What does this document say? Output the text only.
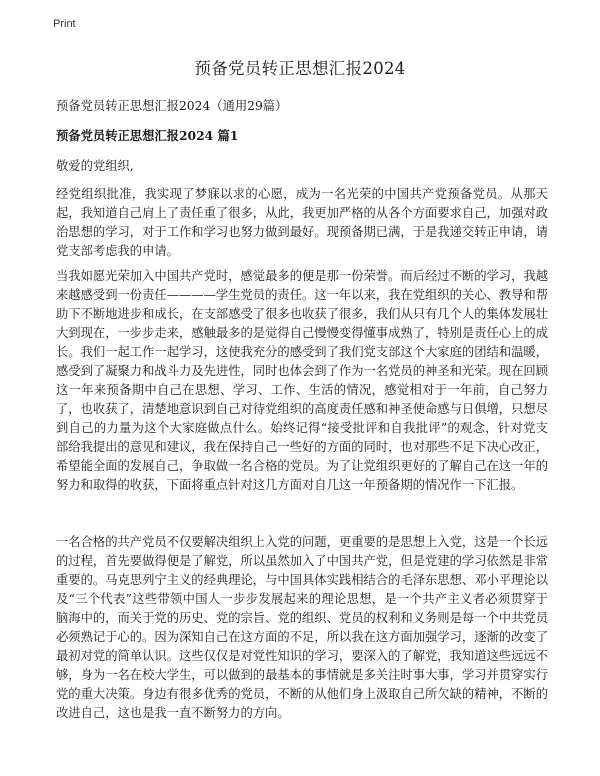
Print
预备党员转正思想汇报2024
预备党员转正思想汇报2024（通用29篇）
预备党员转正思想汇报2024 篇1
敬爱的党组织,

经党组织批准，我实现了梦寐以求的心愿，成为一名光荣的中国共产党预备党员。从那天起，我知道自己肩上了责任重了很多，从此，我更加严格的从各个方面要求自己，加强对政治思想的学习，对于工作和学习也努力做到最好。现预备期已满，于是我递交转正申请，请党支部考虑我的申请。

当我如愿光荣加入中国共产党时，感觉最多的便是那一份荣誉。而后经过不断的学习，我越来越感受到一份责任————学生党员的责任。这一年以来，我在党组织的关心、教导和帮助下不断地进步和成长，在支部感受了很多也收获了很多，我们从只有几个人的集体发展壮大到现在，一步步走来，感触最多的是觉得自己慢慢变得懂事成熟了，特别是责任心上的成长。我们一起工作一起学习，这使我充分的感受到了我们党支部这个大家庭的团结和温暖，感受到了凝聚力和战斗力及先进性，同时也体会到了作为一名党员的神圣和光荣。现在回顾这一年来预备期中自己在思想、学习、工作、生活的情况，感觉相对于一年前，自己努力了，也收获了，清楚地意识到自己对待党组织的高度责任感和神圣使命感与日俱增，只想尽到自己的力量为这个大家庭做点什么。始终记得“接受批评和自我批评”的观念，针对党支部给我提出的意见和建议，我在保持自己一些好的方面的同时，也对那些不足下决心改正，希望能全面的发展自己，争取做一名合格的党员。为了让党组织更好的了解自己在这一年的努力和取得的收获，下面将重点针对这几方面对自几这一年预备期的情况作一下汇报。

一名合格的共产党员不仅要解决组织上入党的问题，更重要的是思想上入党，这是一个长远的过程，首先要做得便是了解党，所以虽然加入了中国共产党，但是党建的学习依然是非常重要的。马克思列宁主义的经典理论，与中国具体实践相结合的毛泽东思想、邓小平理论以及“三个代表”这些带领中国人一步步发展起来的理论思想，是一个共产主义者必须贯穿于脑海中的，而关于党的历史、党的宗旨、党的组织、党员的权利和义务则是每一个中共党员必须熟记于心的。因为深知自己在这方面的不足，所以我在这方面加强学习，逐渐的改变了最初对党的简单认识。这些仅仅是对党性知识的学习，要深入的了解党，我知道这些远远不够，身为一名在校大学生，可以做到的最基本的事情就是多关注时事大事，学习并贯穿实行党的重大决策。身边有很多优秀的党员，不断的从他们身上汲取自己所欠缺的精神，不断的改进自己，这也是我一直不断努力的方向。
